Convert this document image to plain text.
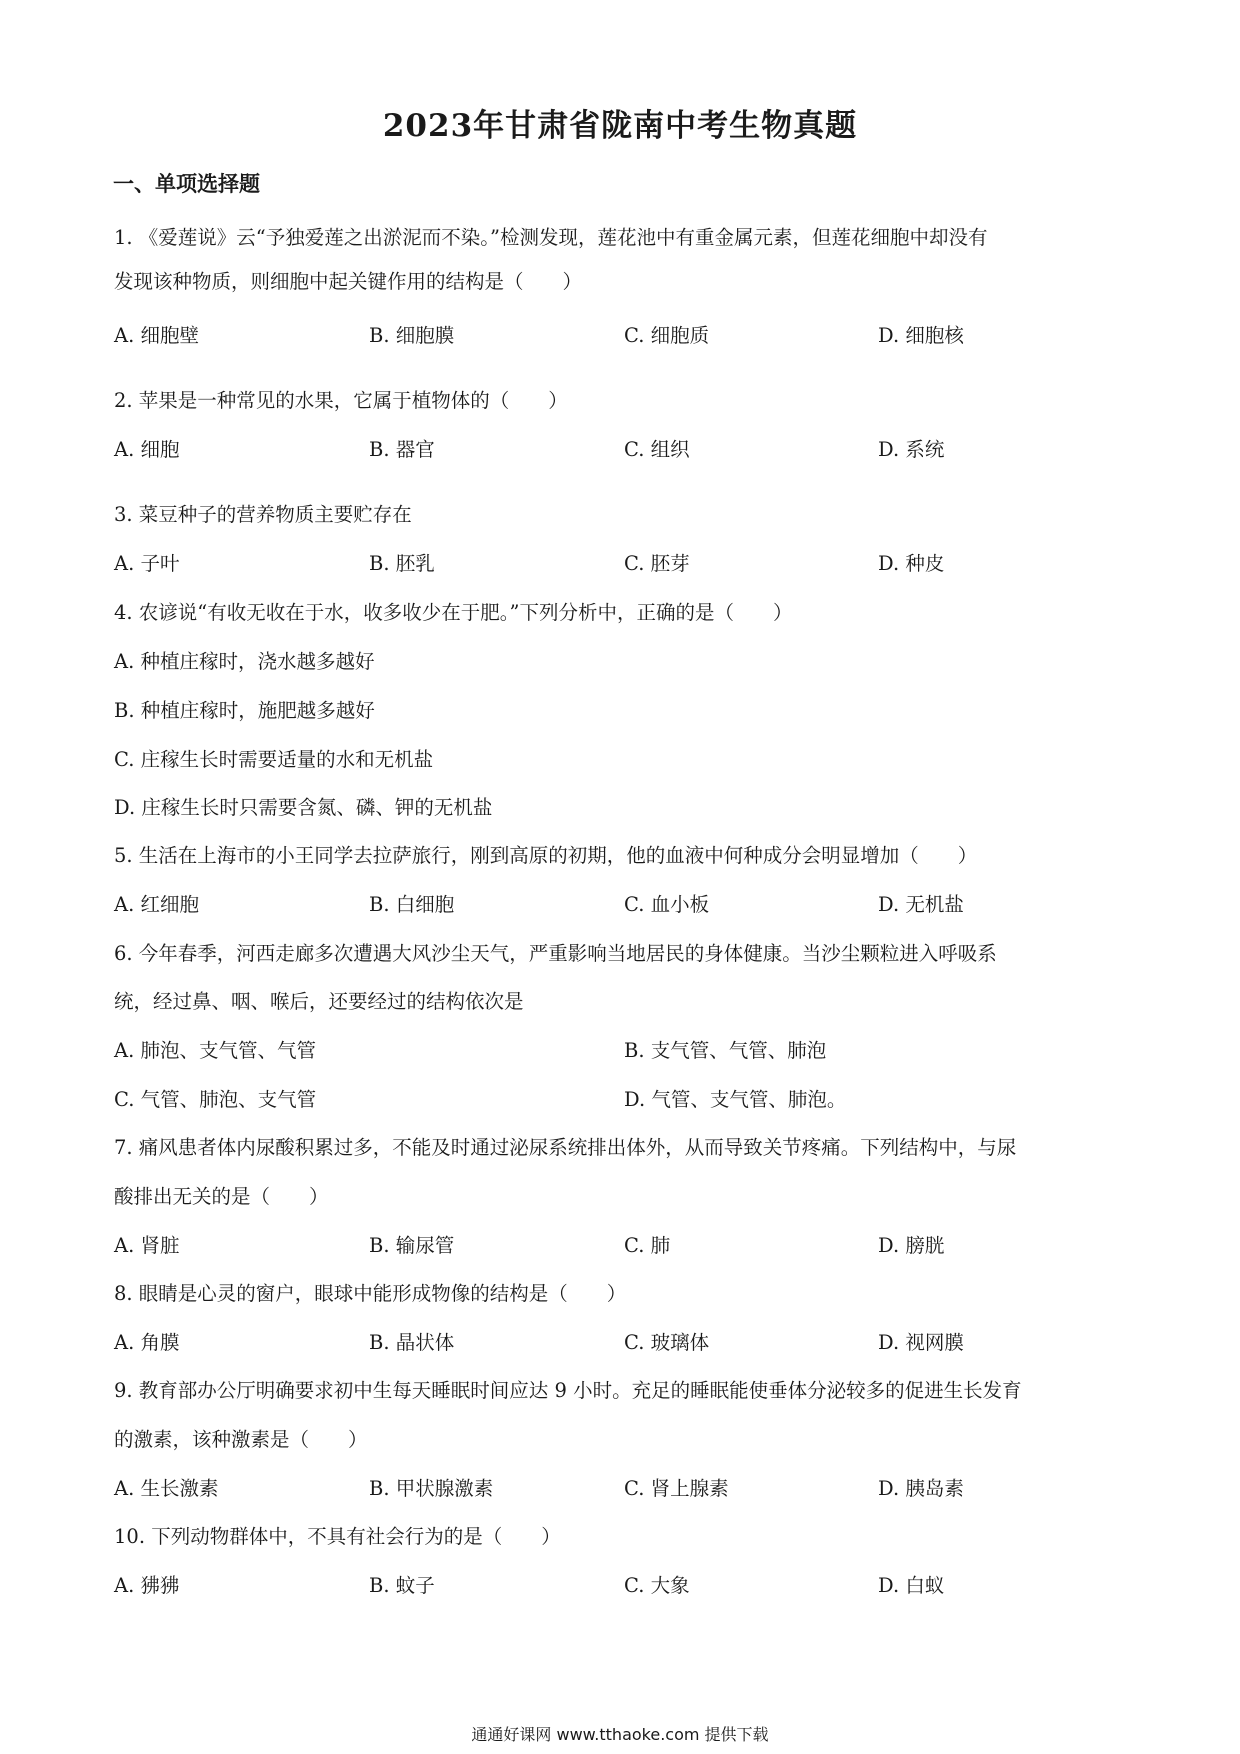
2023年甘肃省陇南中考生物真题
一、单项选择题
1. 《爱莲说》云“予独爱莲之出淤泥而不染。”检测发现，莲花池中有重金属元素，但莲花细胞中却没有
发现该种物质，则细胞中起关键作用的结构是（　　）
A. 细胞壁	B. 细胞膜	C. 细胞质	D. 细胞核
2. 苹果是一种常见的水果，它属于植物体的（　　）
A. 细胞	B. 器官	C. 组织	D. 系统
3. 菜豆种子的营养物质主要贮存在
A. 子叶	B. 胚乳	C. 胚芽	D. 种皮
4. 农谚说“有收无收在于水，收多收少在于肥。”下列分析中，正确的是（　　）
A. 种植庄稼时，浇水越多越好
B. 种植庄稼时，施肥越多越好
C. 庄稼生长时需要适量的水和无机盐
D. 庄稼生长时只需要含氮、磷、钾的无机盐
5. 生活在上海市的小王同学去拉萨旅行，刚到高原的初期，他的血液中何种成分会明显增加（　　）
A. 红细胞	B. 白细胞	C. 血小板	D. 无机盐
6. 今年春季，河西走廊多次遭遇大风沙尘天气，严重影响当地居民的身体健康。当沙尘颗粒进入呼吸系
统，经过鼻、咽、喉后，还要经过的结构依次是
A. 肺泡、支气管、气管	B. 支气管、气管、肺泡
C. 气管、肺泡、支气管	D. 气管、支气管、肺泡。
7. 痛风患者体内尿酸积累过多，不能及时通过泌尿系统排出体外，从而导致关节疼痛。下列结构中，与尿
酸排出无关的是（　　）
A. 肾脏	B. 输尿管	C. 肺	D. 膀胱
8. 眼睛是心灵的窗户，眼球中能形成物像的结构是（　　）
A. 角膜	B. 晶状体	C. 玻璃体	D. 视网膜
9. 教育部办公厅明确要求初中生每天睡眠时间应达 9 小时。充足的睡眠能使垂体分泌较多的促进生长发育
的激素，该种激素是（　　）
A. 生长激素	B. 甲状腺激素	C. 肾上腺素	D. 胰岛素
10. 下列动物群体中，不具有社会行为的是（　　）
A. 狒狒	B. 蚊子	C. 大象	D. 白蚁
通通好课网 www.tthaoke.com 提供下载
